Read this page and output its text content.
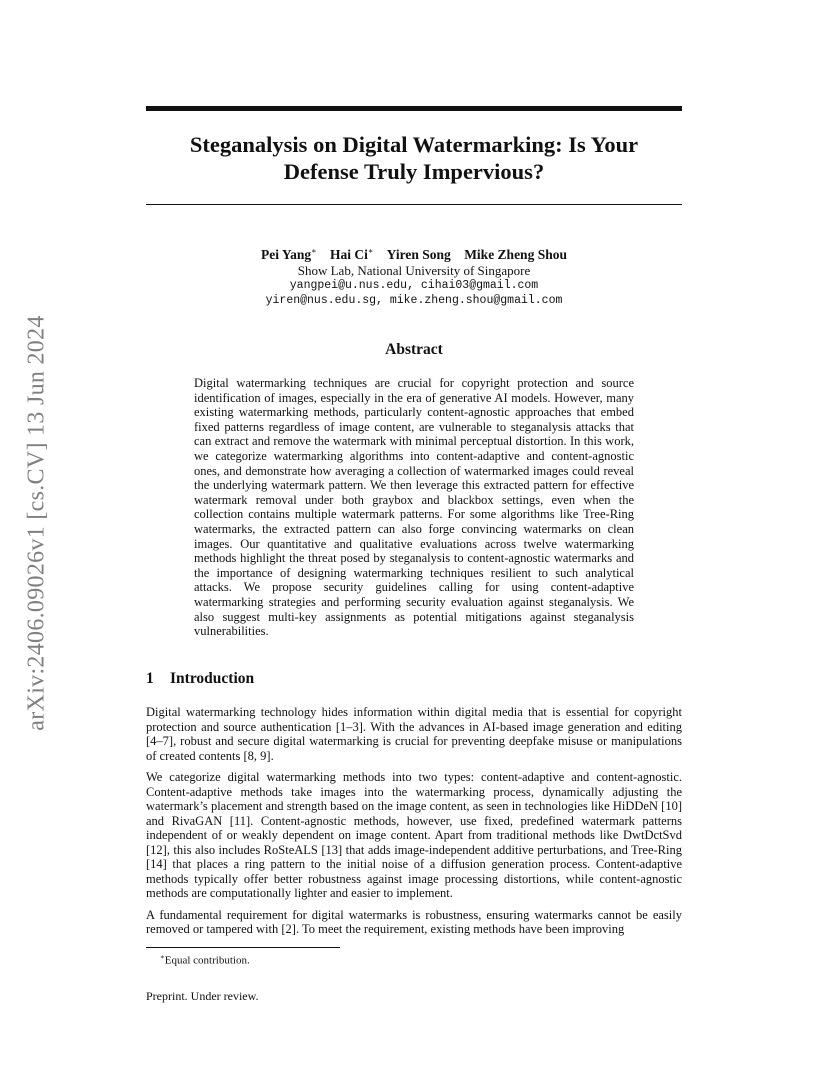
arXiv:2406.09026v1 [cs.CV] 13 Jun 2024
Steganalysis on Digital Watermarking: Is Your
Defense Truly Impervious?
Pei Yang∗ Hai Ci∗ Yiren Song Mike Zheng Shou
Show Lab, National University of Singapore
yangpei@u.nus.edu, cihai03@gmail.com
yiren@nus.edu.sg, mike.zheng.shou@gmail.com
Abstract
Digital watermarking techniques are crucial for copyright protection and source identification of images, especially in the era of generative AI models. However, many existing watermarking methods, particularly content-agnostic approaches that embed fixed patterns regardless of image content, are vulnerable to steganalysis attacks that can extract and remove the watermark with minimal perceptual distortion. In this work, we categorize watermarking algorithms into content-adaptive and content-agnostic ones, and demonstrate how averaging a collection of watermarked images could reveal the underlying watermark pattern. We then leverage this extracted pattern for effective watermark removal under both graybox and blackbox settings, even when the collection contains multiple watermark patterns. For some algorithms like Tree-Ring watermarks, the extracted pattern can also forge convincing watermarks on clean images. Our quantitative and qualitative evaluations across twelve watermarking methods highlight the threat posed by steganalysis to content-agnostic watermarks and the importance of designing watermarking techniques resilient to such analytical attacks. We propose security guidelines calling for using content-adaptive watermarking strategies and performing security evaluation against steganalysis. We also suggest multi-key assignments as potential mitigations against steganalysis vulnerabilities.
1 Introduction

Digital watermarking technology hides information within digital media that is essential for copyright protection and source authentication [1–3]. With the advances in AI-based image generation and editing [4–7], robust and secure digital watermarking is crucial for preventing deepfake misuse or manipulations of created contents [8, 9].

We categorize digital watermarking methods into two types: content-adaptive and content-agnostic. Content-adaptive methods take images into the watermarking process, dynamically adjusting the watermark’s placement and strength based on the image content, as seen in technologies like HiDDeN [10] and RivaGAN [11]. Content-agnostic methods, however, use fixed, predefined watermark patterns independent of or weakly dependent on image content. Apart from traditional methods like DwtDctSvd [12], this also includes RoSteALS [13] that adds image-independent additive perturbations, and Tree-Ring [14] that places a ring pattern to the initial noise of a diffusion generation process. Content-adaptive methods typically offer better robustness against image processing distortions, while content-agnostic methods are computationally lighter and easier to implement.

A fundamental requirement for digital watermarks is robustness, ensuring watermarks cannot be easily removed or tampered with [2]. To meet the requirement, existing methods have been improving

∗Equal contribution.
Preprint. Under review.
